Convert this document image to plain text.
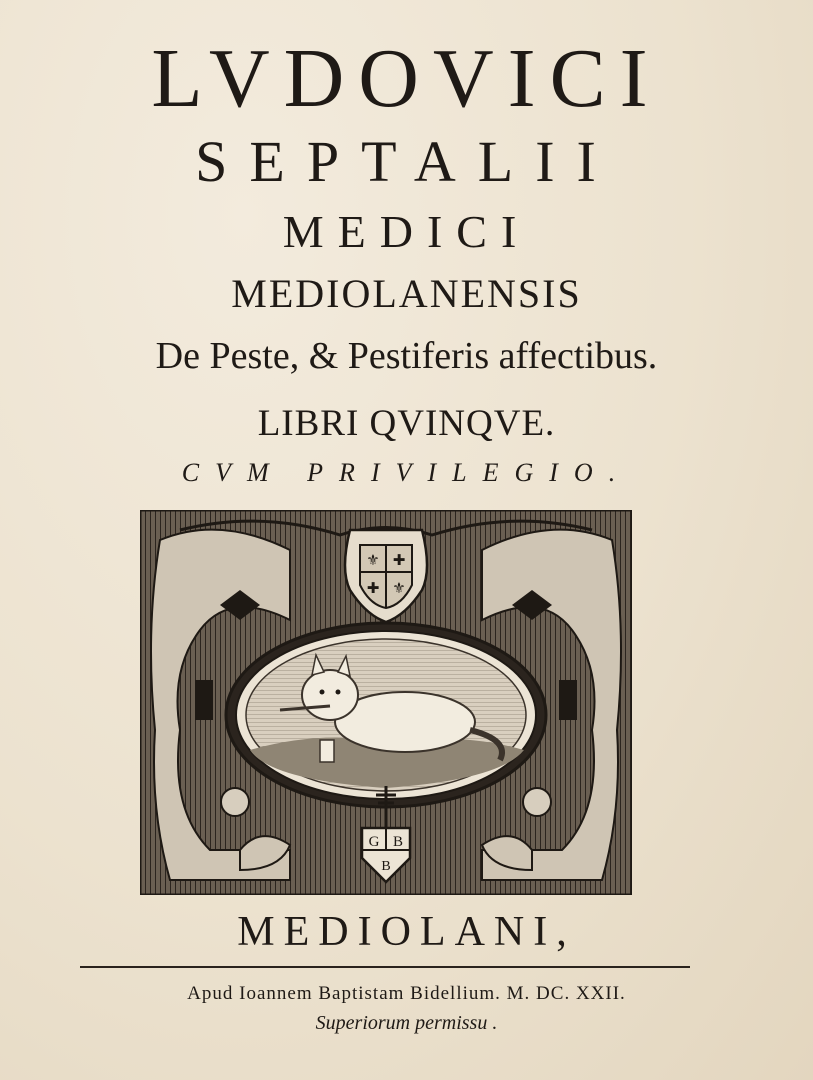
LVDOVICI
SEPTALII
MEDICI
MEDIOLANENSIS
De Peste, & Pestiferis affectibus.
LIBRI QVINQVE.
CVM PRIVILEGIO.
⚜ ✚
✚ ⚜
G B
B
MEDIOLANI,
Apud Ioannem Baptistam Bidellium. M. DC. XXII.
Superiorum permissu .
